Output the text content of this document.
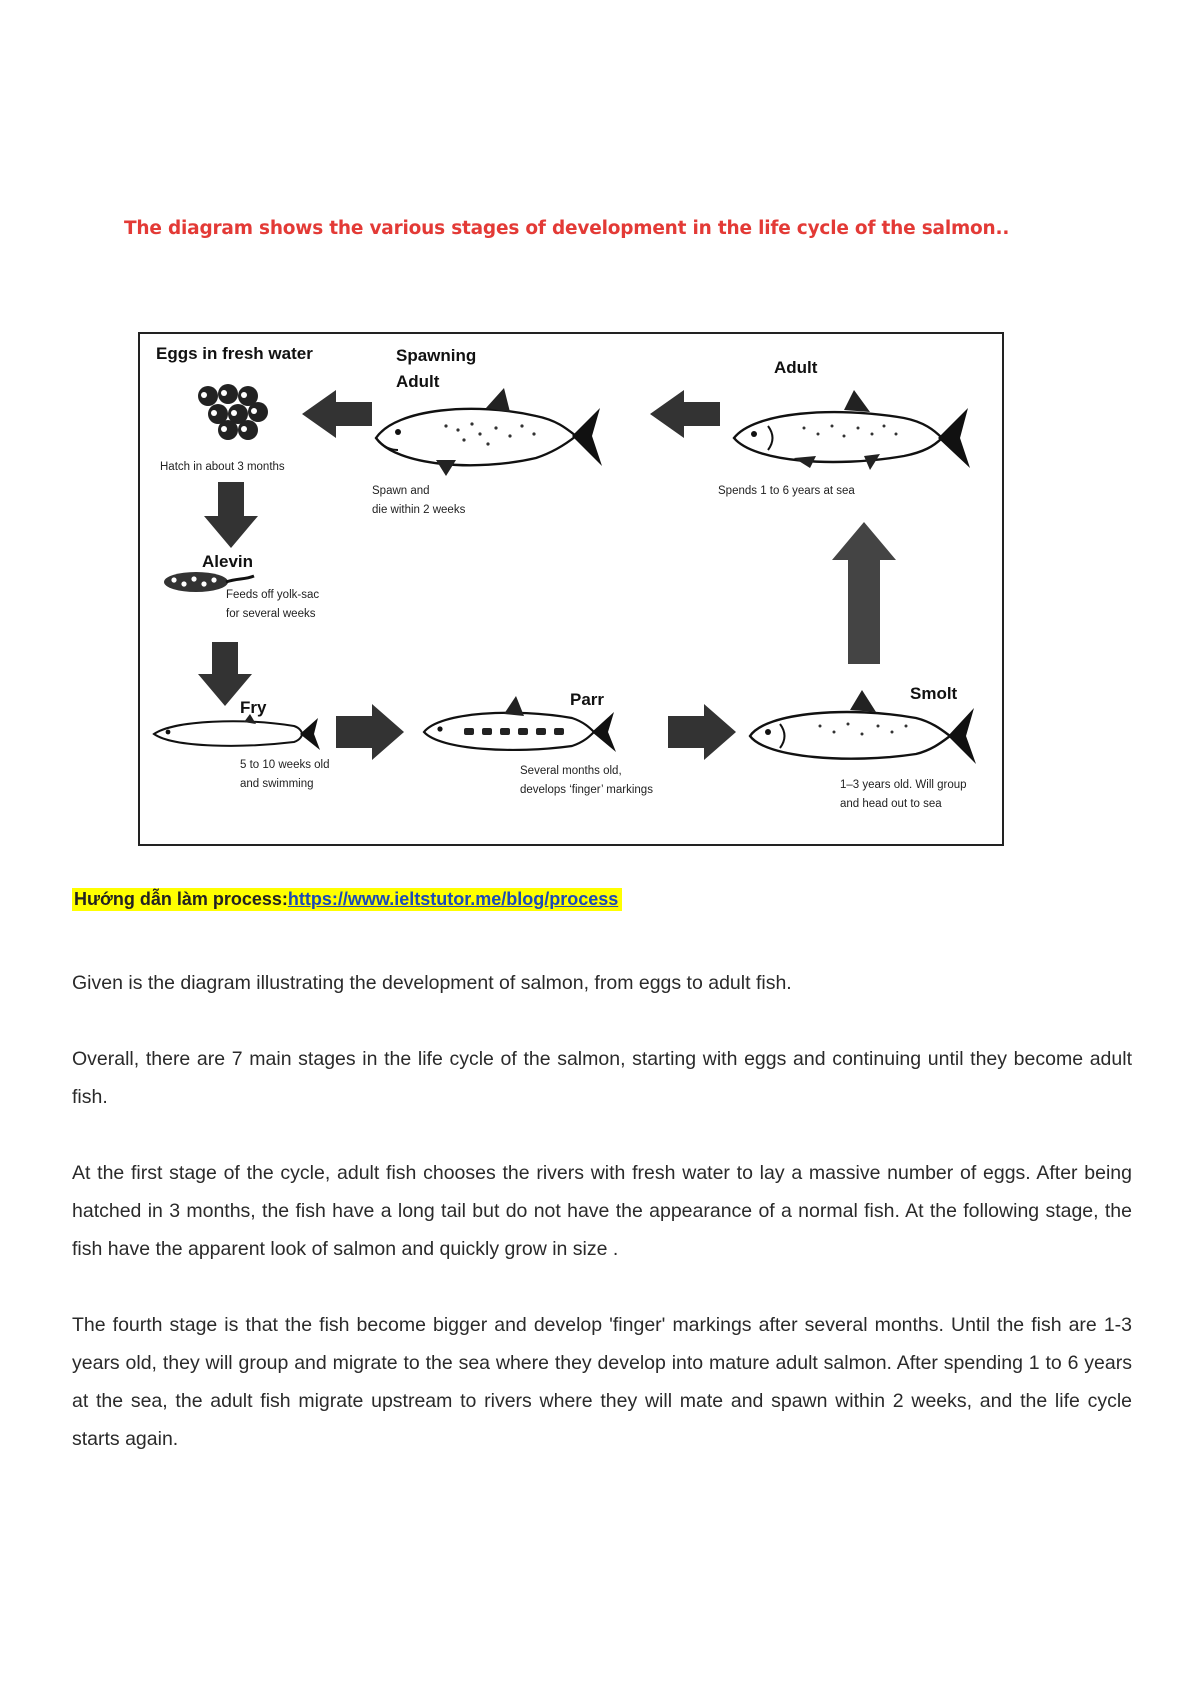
The diagram shows the various stages of development in the life cycle of the salmon..
Eggs in fresh water
Hatch in about 3 months
Spawning
Adult
Spawn and
die within 2 weeks
Adult
Spends 1 to 6 years at sea
Alevin
Feeds off yolk-sac
for several weeks
Fry
5 to 10 weeks old
and swimming
Parr
Several months old,
develops ‘finger’ markings
Smolt
1–3 years old. Will group
and head out to sea
Hướng dẫn làm process:https://www.ieltstutor.me/blog/process

Given is the diagram illustrating the development of salmon, from eggs to adult fish.

Overall, there are 7 main stages in the life cycle of the salmon, starting with eggs and continuing until they become adult fish.

At the first stage of the cycle, adult fish chooses the rivers with fresh water to lay a massive number of eggs. After being hatched in 3 months, the fish have a long tail but do not have the appearance of a normal fish. At the following stage, the fish have the apparent look of salmon and quickly grow in size .

The fourth stage is that the fish become bigger and develop 'finger' markings after several months. Until the fish are 1-3 years old, they will group and migrate to the sea where they develop into mature adult salmon. After spending 1 to 6 years at the sea, the adult fish migrate upstream to rivers where they will mate and spawn within 2 weeks, and the life cycle starts again.
